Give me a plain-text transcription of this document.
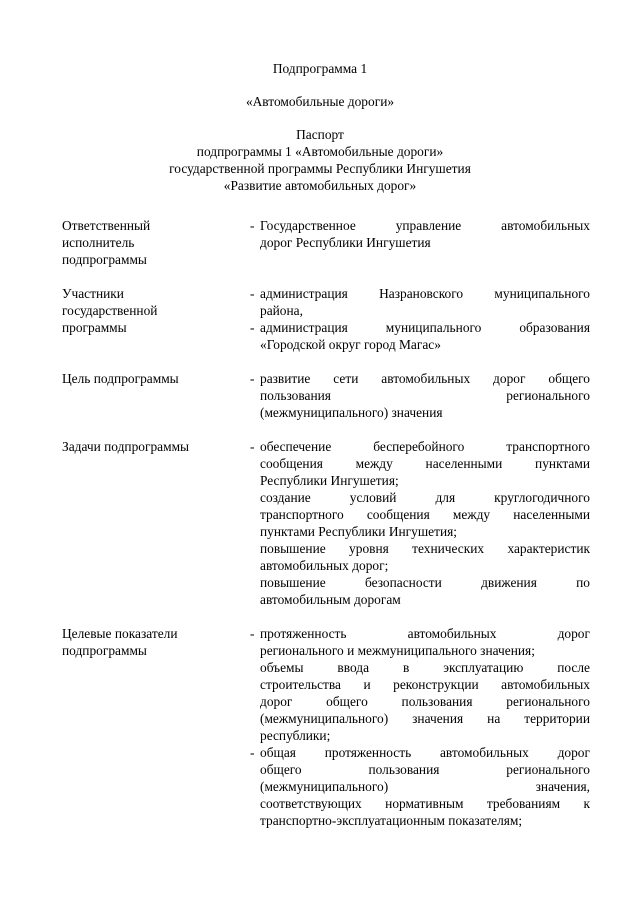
Подпрограмма 1
«Автомобильные дороги»
Паспорт
подпрограммы 1 «Автомобильные дороги»
государственной программы Республики Ингушетия
«Развитие автомобильных дорог»
Ответственный
исполнитель
подпрограммы
- Государственное управление автомобильных
дорог Республики Ингушетия
Участники
государственной
программы
- администрация Назрановского муниципального
района,
- администрация муниципального образования
«Городской округ город Магас»
Цель подпрограммы	- развитие сети автомобильных дорог общего
пользования регионального
(межмуниципального) значения
Задачи подпрограммы	- обеспечение бесперебойного транспортного
сообщения между населенными пунктами
Республики Ингушетия;
создание условий для круглогодичного
транспортного сообщения между населенными
пунктами Республики Ингушетия;
повышение уровня технических характеристик
автомобильных дорог;
повышение безопасности движения по
автомобильным дорогам
Целевые показатели
подпрограммы
- протяженность автомобильных дорог
регионального и межмуниципального значения;
объемы ввода в эксплуатацию после
строительства и реконструкции автомобильных
дорог общего пользования регионального
(межмуниципального) значения на территории
республики;
- общая протяженность автомобильных дорог
общего пользования регионального
(межмуниципального) значения,
соответствующих нормативным требованиям к
транспортно-эксплуатационным показателям;
